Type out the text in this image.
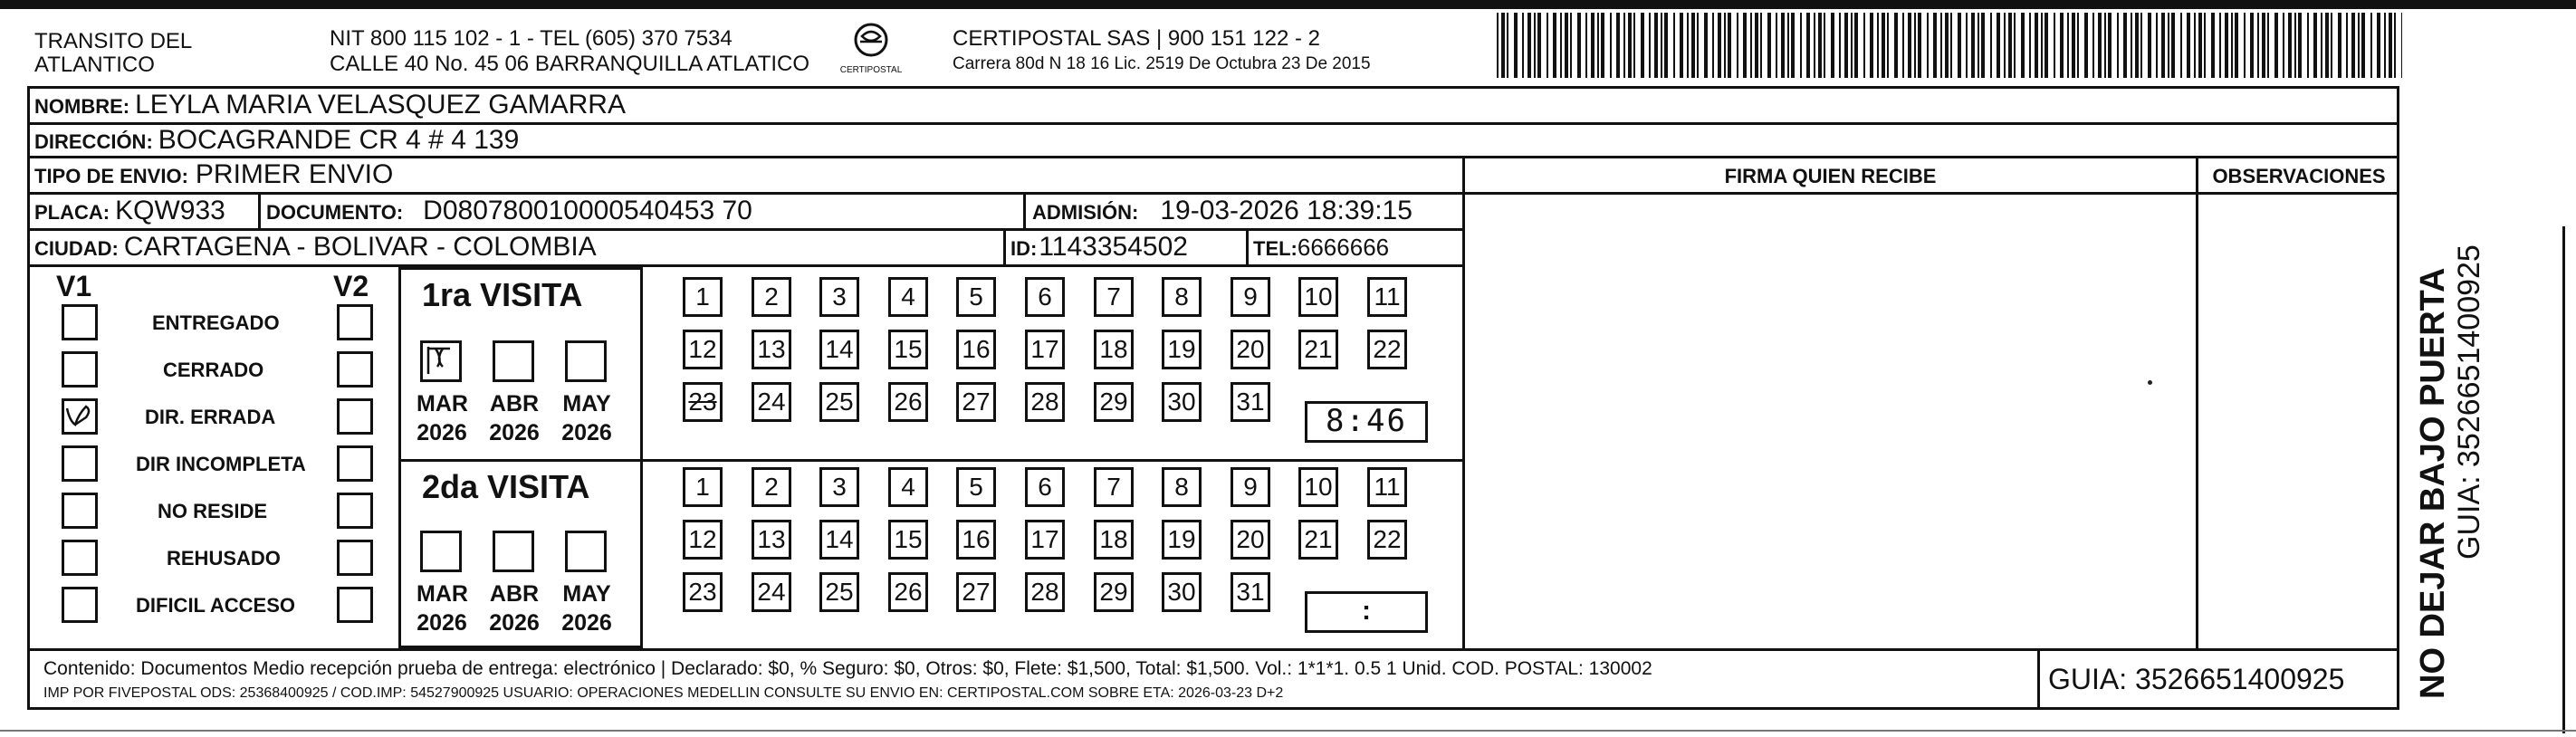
TRANSITO DEL
ATLANTICO
NIT 800 115 102 - 1 - TEL (605) 370 7534
CALLE 40 No. 45 06 BARRANQUILLA ATLATICO	CERTIPOSTAL
CERTIPOSTAL SAS | 900 151 122 - 2
Carrera 80d N 18 16 Lic. 2519 De Octubra 23 De 2015
NOMBRE: LEYLA MARIA VELASQUEZ GAMARRA
DIRECCIÓN: BOCAGRANDE CR 4 # 4 139
TIPO DE ENVIO: PRIMER ENVIO
PLACA: KQW933 DOCUMENTO: D080780010000540453 70	ADMISIÓN: 19-03-2026 18:39:15
CIUDAD: CARTAGENA - BOLIVAR - COLOMBIA	ID:1143354502	TEL:6666666
FIRMA QUIEN RECIBE	OBSERVACIONES
V1	V2
ENTREGADO
CERRADO
DIR. ERRADA
DIR INCOMPLETA
NO RESIDE
REHUSADO
DIFICIL ACCESO
1ra VISITA
2da VISITA
MAR ABR MAY
2026 2026 2026
MAR ABR MAY
2026 2026 2026
1	2	3	4	5	6	7	8	9	10 11
12 13 14 15 16 17 18 19 20 21 22
23 24 25 26 27 28 29 30 31
1	2	3	4	5	6	7	8	9	10 11
12 13 14 15 16 17 18 19 20 21 22
23 24 25 26 27 28 29 30 31
8:46
:
Contenido: Documentos Medio recepción prueba de entrega: electrónico | Declarado: $0, % Seguro: $0, Otros: $0, Flete: $1,500, Total: $1,500. Vol.: 1*1*1. 0.5 1 Unid. COD. POSTAL: 130002
IMP POR FIVEPOSTAL ODS: 25368400925 / COD.IMP: 54527900925 USUARIO: OPERACIONES MEDELLIN CONSULTE SU ENVIO EN: CERTIPOSTAL.COM SOBRE ETA: 2026-03-23 D+2	GUIA: 3526651400925 NO DEJAR BAJO PUERTA GUIA: 3526651400925
